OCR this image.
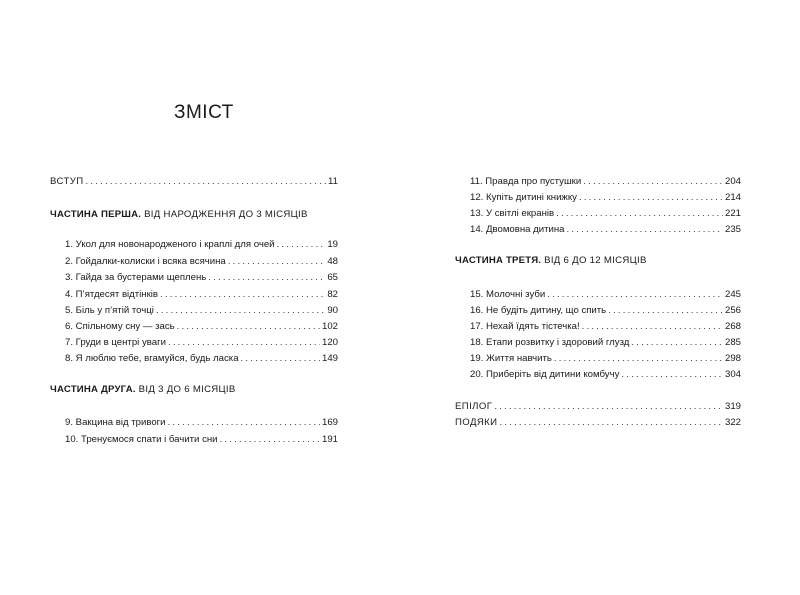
ЗМІСТ
ВСТУП .....	11
ЧАСТИНА ПЕРША. ВІД НАРОДЖЕННЯ ДО 3 МІСЯЦІВ
1. Укол для новонародженого і краплі для очей .....	19
2. Гойдалки-колиски і всяка всячина .....	48
3. Гайда за бустерами щеплень .....	65
4. П’ятдесят відтінків .....	82
5. Біль у п’ятій точці .....	90
6. Спільному сну — зась .....	102
7. Груди в центрі уваги .....	120
8. Я люблю тебе, вгамуйся, будь ласка .....	149
ЧАСТИНА ДРУГА. ВІД 3 ДО 6 МІСЯЦІВ
9. Вакцина від тривоги .....	169
10. Тренуємося спати і бачити сни .....	191
11. Правда про пустушки .....	204
12. Купіть дитині книжку .....	214
13. У світлі екранів .....	221
14. Двомовна дитина .....	235
ЧАСТИНА ТРЕТЯ. ВІД 6 ДО 12 МІСЯЦІВ
15. Молочні зуби .....	245
16. Не будіть дитину, що спить .....	256
17. Нехай їдять тістечка! .....	268
18. Етапи розвитку і здоровий глузд .....	285
19. Життя навчить .....	298
20. Приберіть від дитини комбучу .....	304
ЕПІЛОГ .....	319
ПОДЯКИ .....	322
